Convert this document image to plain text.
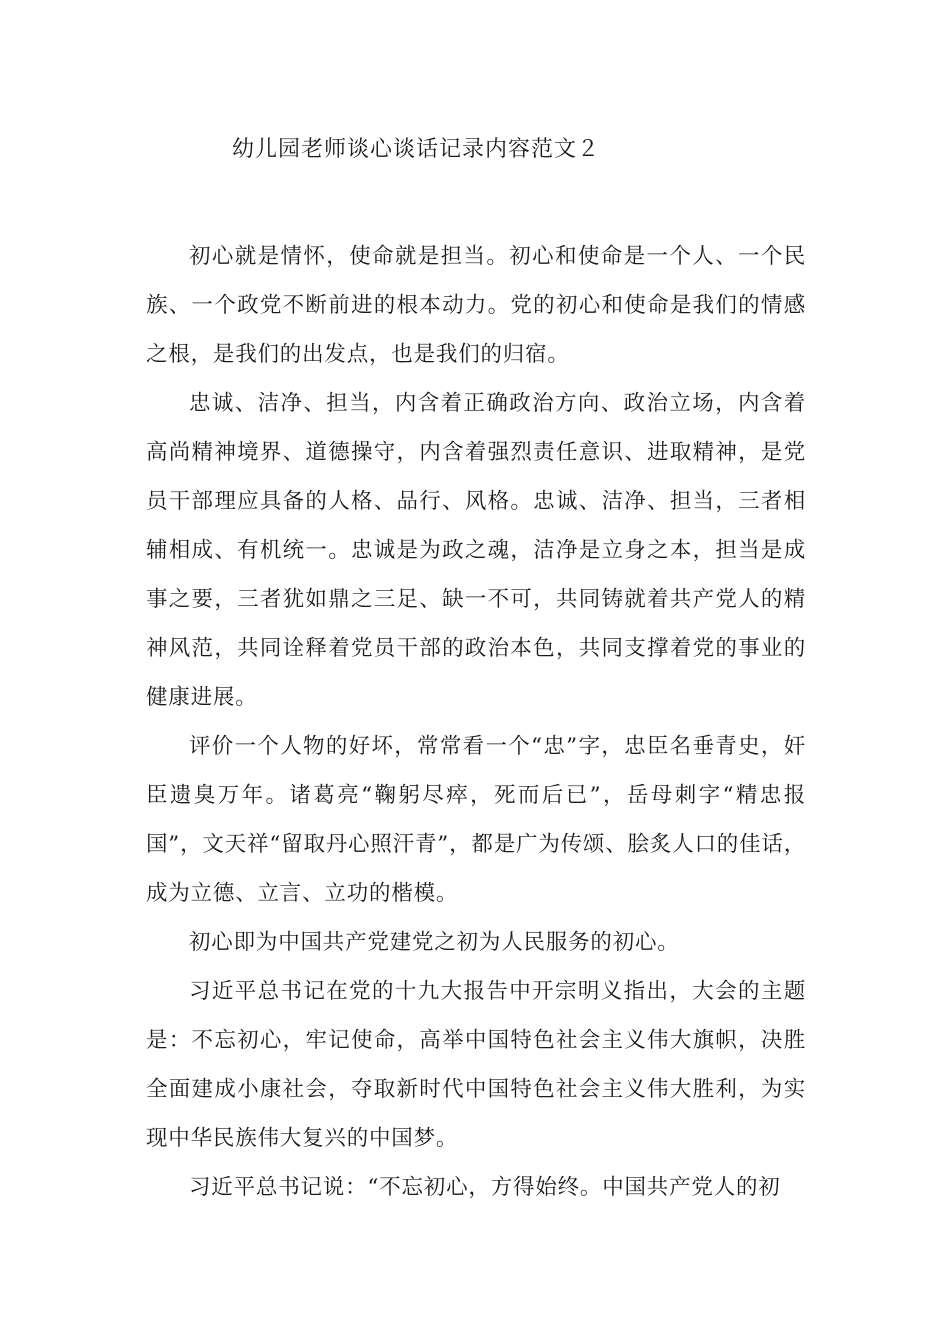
幼儿园老师谈心谈话记录内容范文２

初心就是情怀，使命就是担当。初心和使命是一个人、一个民族、一个政党不断前进的根本动力。党的初心和使命是我们的情感之根，是我们的出发点，也是我们的归宿。

忠诚、洁净、担当，内含着正确政治方向、政治立场，内含着高尚精神境界、道德操守，内含着强烈责任意识、进取精神，是党员干部理应具备的人格、品行、风格。忠诚、洁净、担当，三者相辅相成、有机统一。忠诚是为政之魂，洁净是立身之本，担当是成事之要，三者犹如鼎之三足、缺一不可，共同铸就着共产党人的精神风范，共同诠释着党员干部的政治本色，共同支撑着党的事业的健康进展。

评价一个人物的好坏，常常看一个“忠”字，忠臣名垂青史，奸臣遗臭万年。诸葛亮“鞠躬尽瘁，死而后已”，岳母刺字“精忠报国”，文天祥“留取丹心照汗青”，都是广为传颂、脍炙人口的佳话，成为立德、立言、立功的楷模。

初心即为中国共产党建党之初为人民服务的初心。

习近平总书记在党的十九大报告中开宗明义指出，大会的主题是：不忘初心，牢记使命，高举中国特色社会主义伟大旗帜，决胜全面建成小康社会，夺取新时代中国特色社会主义伟大胜利，为实现中华民族伟大复兴的中国梦。

习近平总书记说：“不忘初心，方得始终。中国共产党人的初
